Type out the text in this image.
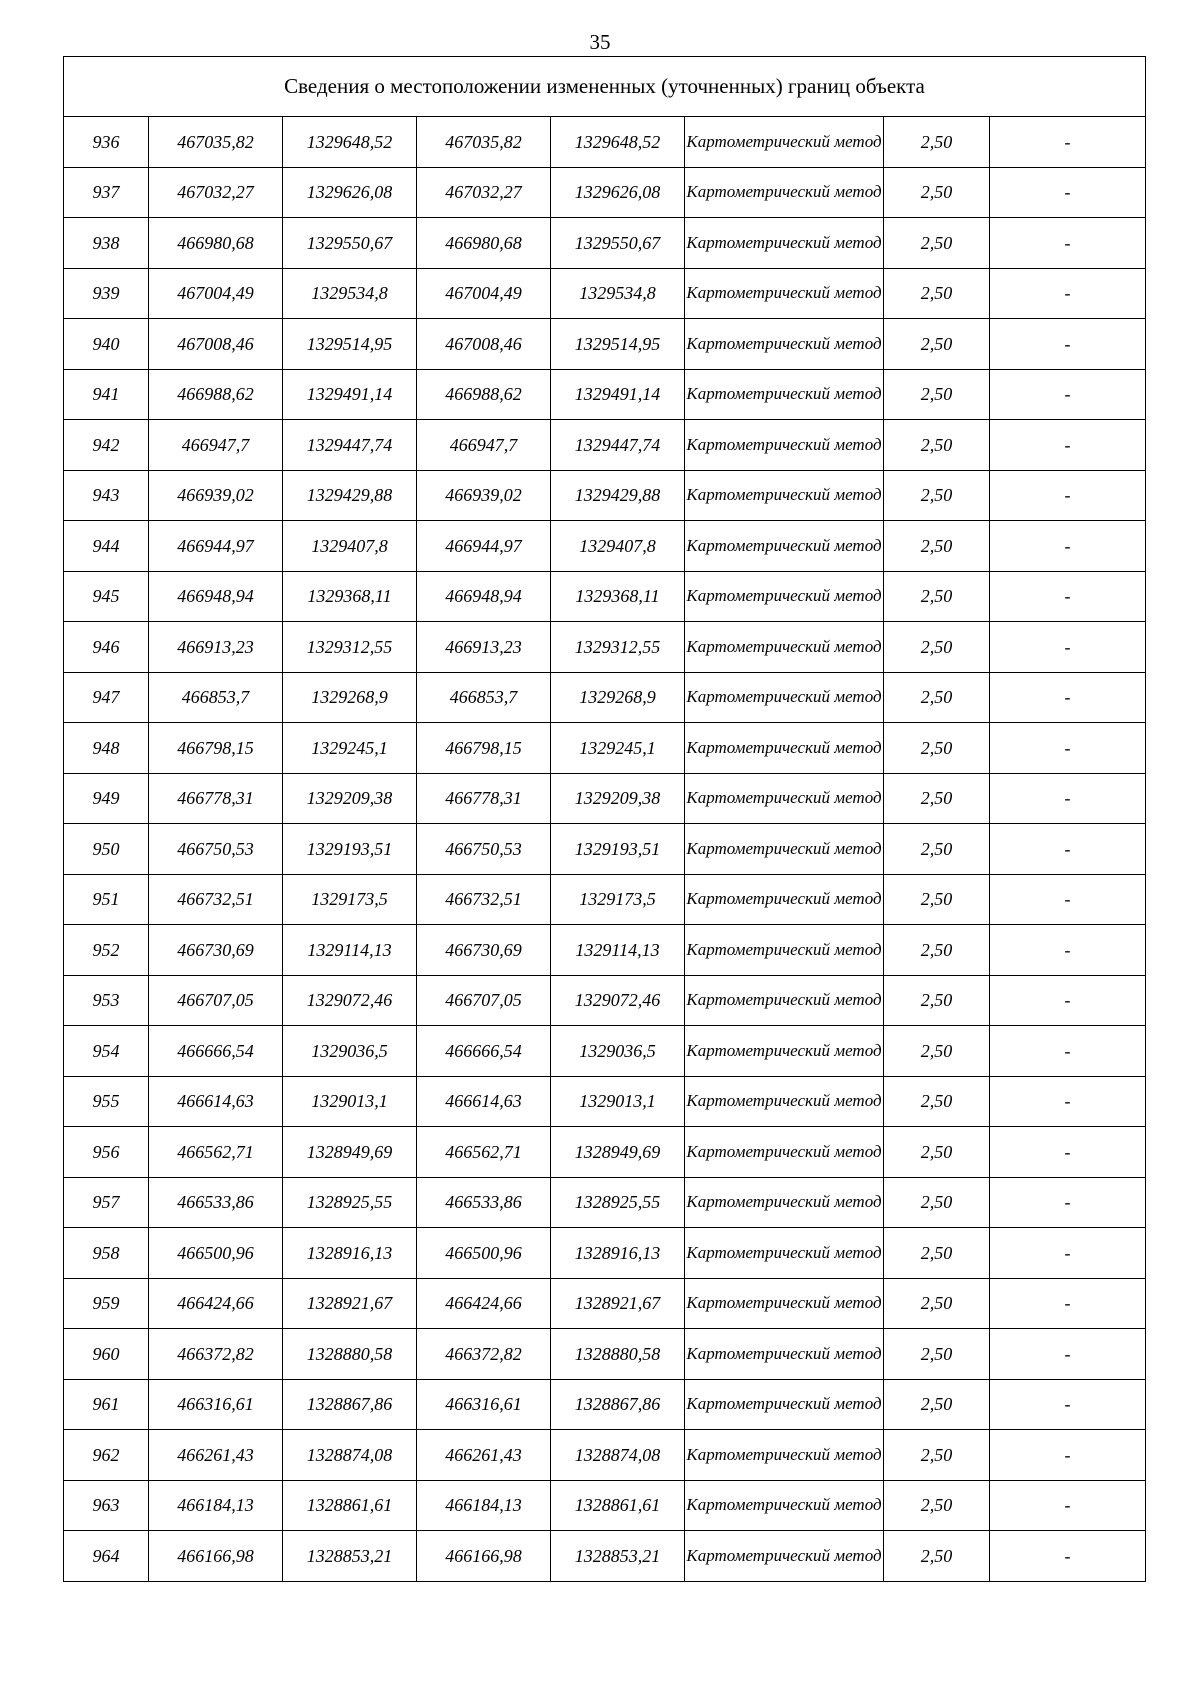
35
Сведения о местоположении измененных (уточненных) границ объекта							
936	467035,82	1329648,52	467035,82	1329648,52	Картометрический метод	2,50	-
937	467032,27	1329626,08	467032,27	1329626,08	Картометрический метод	2,50	-
938	466980,68	1329550,67	466980,68	1329550,67	Картометрический метод	2,50	-
939	467004,49	1329534,8	467004,49	1329534,8	Картометрический метод	2,50	-
940	467008,46	1329514,95	467008,46	1329514,95	Картометрический метод	2,50	-
941	466988,62	1329491,14	466988,62	1329491,14	Картометрический метод	2,50	-
942	466947,7	1329447,74	466947,7	1329447,74	Картометрический метод	2,50	-
943	466939,02	1329429,88	466939,02	1329429,88	Картометрический метод	2,50	-
944	466944,97	1329407,8	466944,97	1329407,8	Картометрический метод	2,50	-
945	466948,94	1329368,11	466948,94	1329368,11	Картометрический метод	2,50	-
946	466913,23	1329312,55	466913,23	1329312,55	Картометрический метод	2,50	-
947	466853,7	1329268,9	466853,7	1329268,9	Картометрический метод	2,50	-
948	466798,15	1329245,1	466798,15	1329245,1	Картометрический метод	2,50	-
949	466778,31	1329209,38	466778,31	1329209,38	Картометрический метод	2,50	-
950	466750,53	1329193,51	466750,53	1329193,51	Картометрический метод	2,50	-
951	466732,51	1329173,5	466732,51	1329173,5	Картометрический метод	2,50	-
952	466730,69	1329114,13	466730,69	1329114,13	Картометрический метод	2,50	-
953	466707,05	1329072,46	466707,05	1329072,46	Картометрический метод	2,50	-
954	466666,54	1329036,5	466666,54	1329036,5	Картометрический метод	2,50	-
955	466614,63	1329013,1	466614,63	1329013,1	Картометрический метод	2,50	-
956	466562,71	1328949,69	466562,71	1328949,69	Картометрический метод	2,50	-
957	466533,86	1328925,55	466533,86	1328925,55	Картометрический метод	2,50	-
958	466500,96	1328916,13	466500,96	1328916,13	Картометрический метод	2,50	-
959	466424,66	1328921,67	466424,66	1328921,67	Картометрический метод	2,50	-
960	466372,82	1328880,58	466372,82	1328880,58	Картометрический метод	2,50	-
961	466316,61	1328867,86	466316,61	1328867,86	Картометрический метод	2,50	-
962	466261,43	1328874,08	466261,43	1328874,08	Картометрический метод	2,50	-
963	466184,13	1328861,61	466184,13	1328861,61	Картометрический метод	2,50	-
964	466166,98	1328853,21	466166,98	1328853,21	Картометрический метод	2,50	-
